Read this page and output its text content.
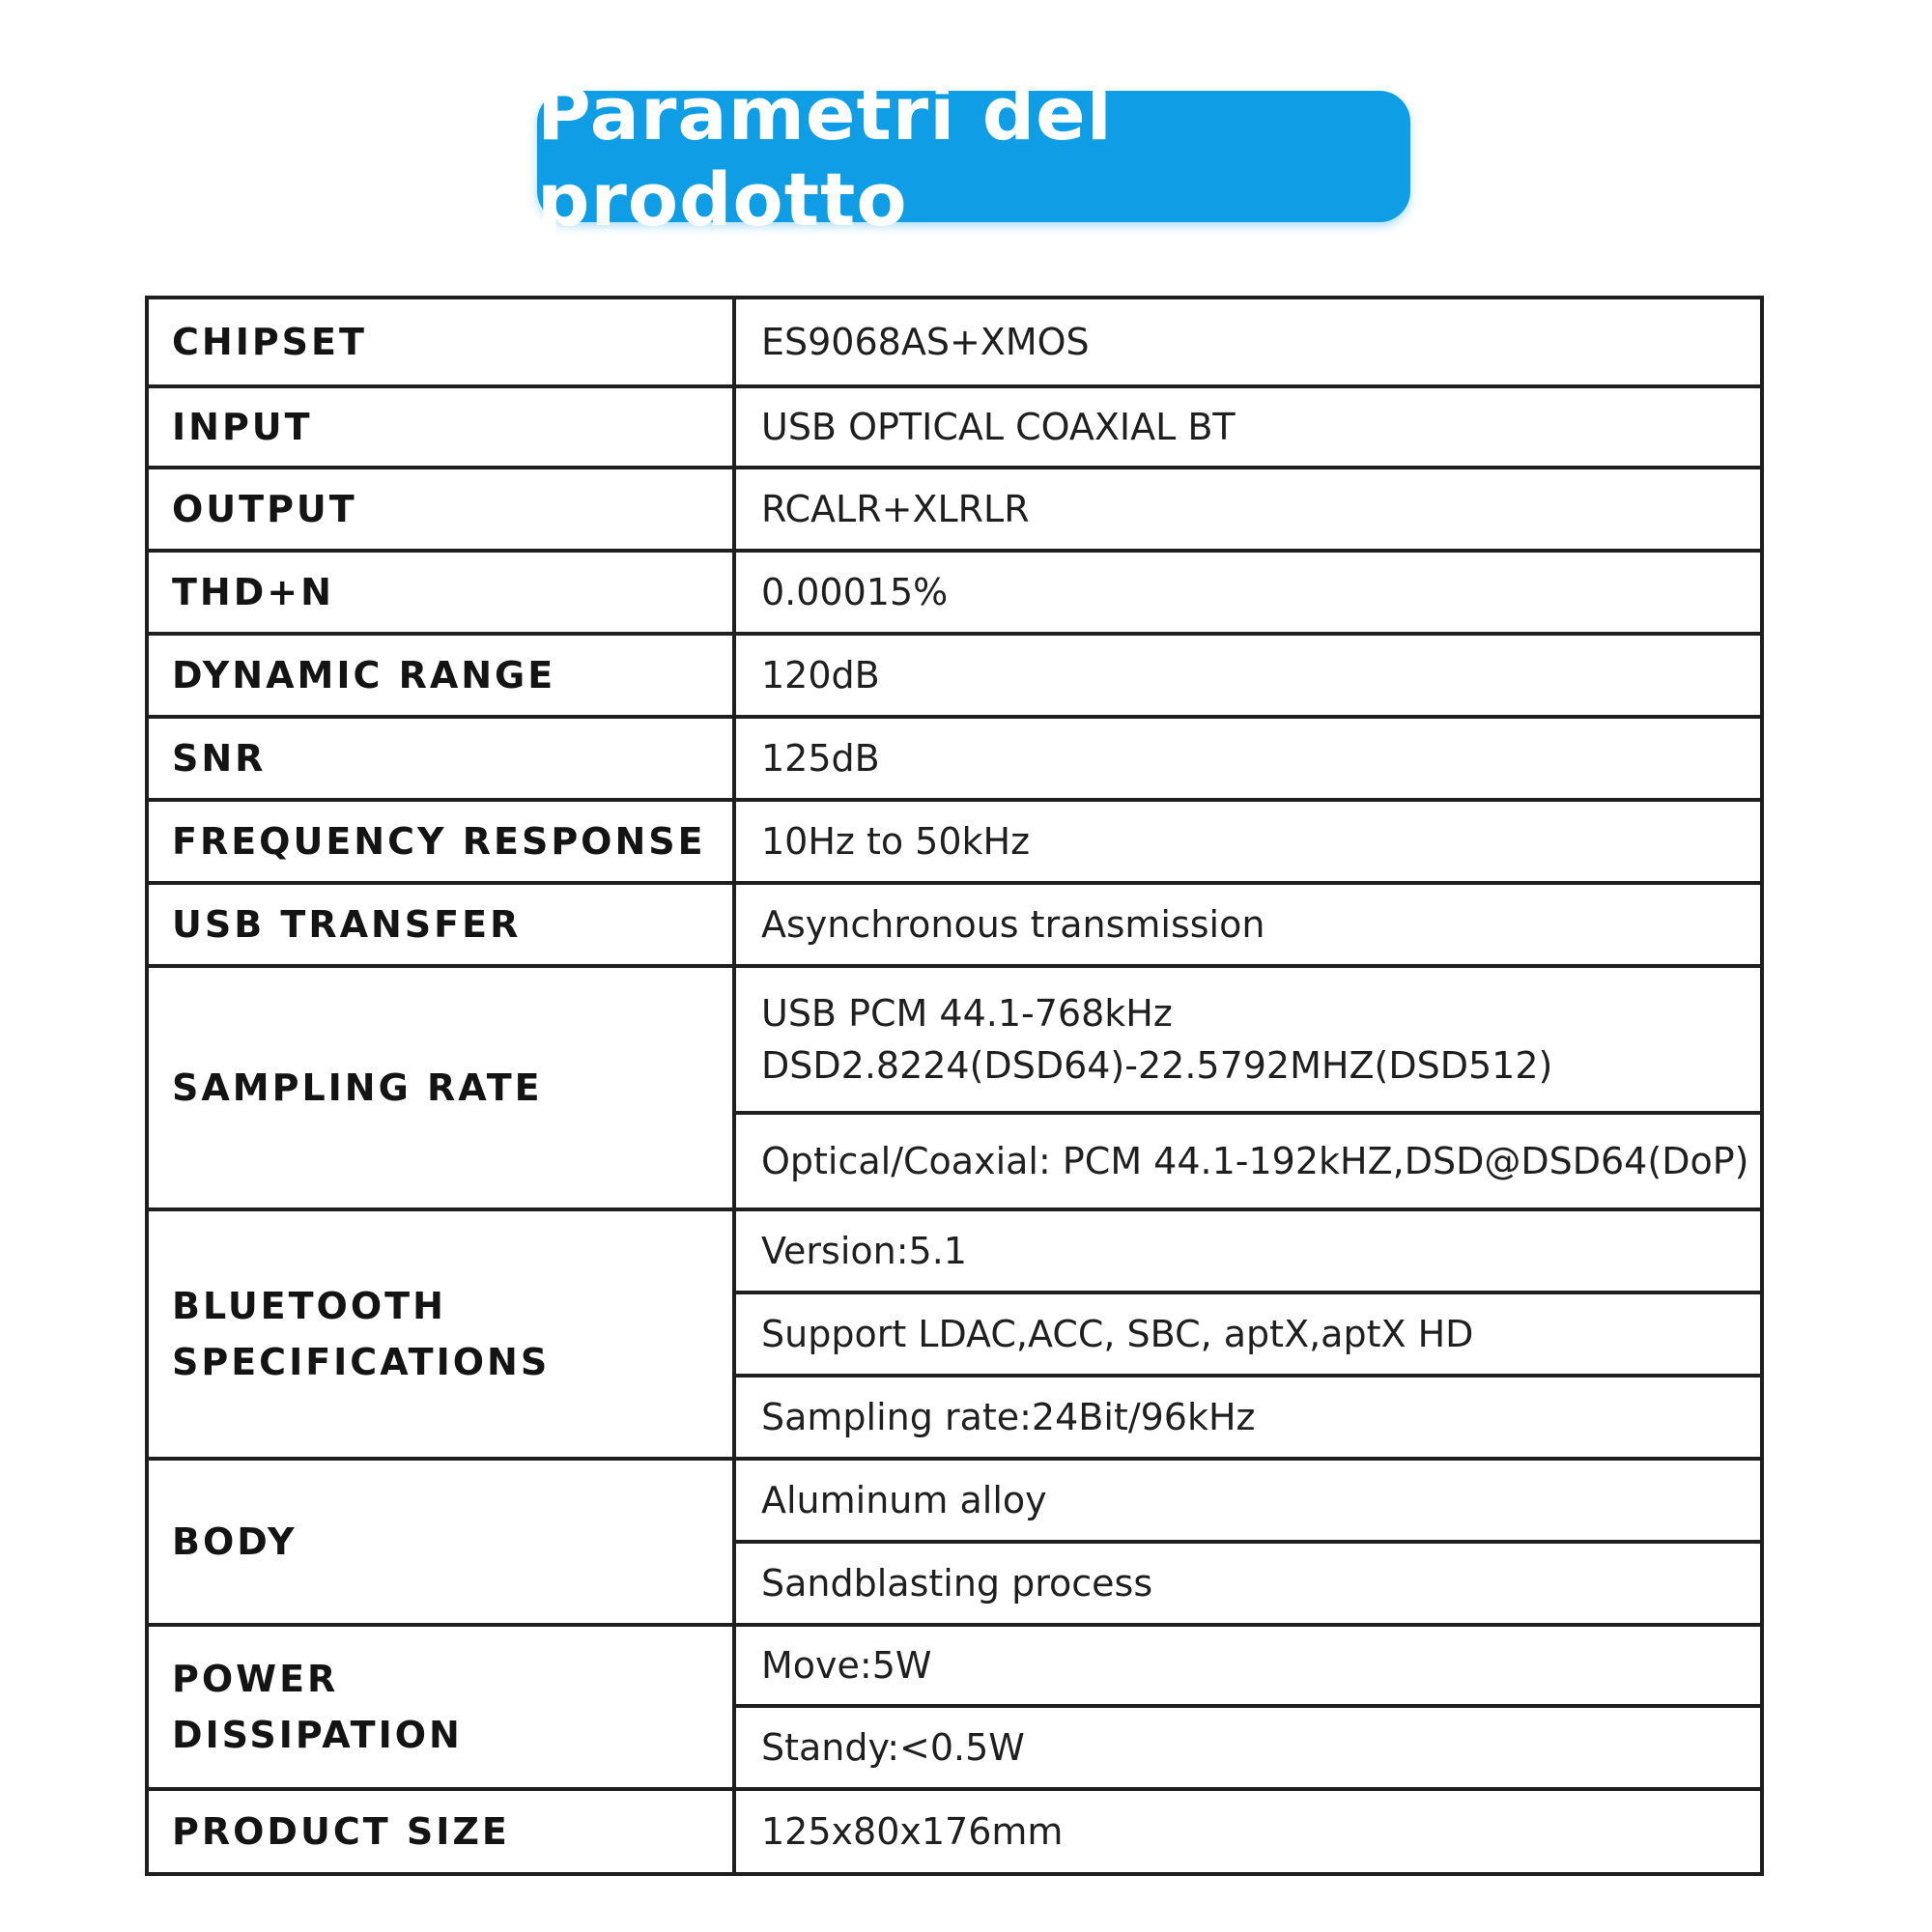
Parametri del prodotto
CHIPSET	ES9068AS+XMOS
INPUT	USB OPTICAL COAXIAL BT
OUTPUT	RCALR+XLRLR
THD+N	0.00015%
DYNAMIC RANGE	120dB
SNR	125dB
FREQUENCY RESPONSE	10Hz to 50kHz
USB TRANSFER	Asynchronous transmission
SAMPLING RATE	USB PCM 44.1-768kHz
DSD2.8224(DSD64)-22.5792MHZ(DSD512)

	Optical/Coaxial: PCM 44.1-192kHZ,DSD@DSD64(DoP)

BLUETOOTH
SPECIFICATIONS	Version:5.1
	Support LDAC,ACC, SBC, aptX,aptX HD
	Sampling rate:24Bit/96kHz
BODY	Aluminum alloy
	Sandblasting process

POWER
DISSIPATION	Move:5W
	Standy:<0.5W
PRODUCT SIZE	125x80x176mm
